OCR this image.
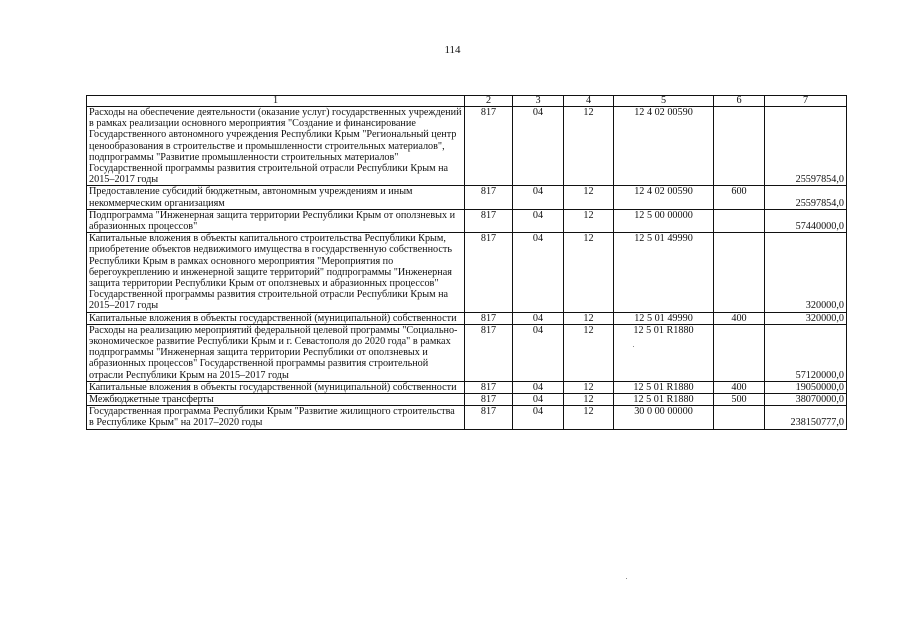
114
1	2	3	4	5	6	7
Расходы на обеспечение деятельности (оказание услуг) государственных учреждений в рамках реализации основного мероприятия "Создание и финансирование Государственного автономного учреждения Республики Крым "Региональный центр ценообразования в строительстве и промышленности строительных материалов", подпрограммы "Развитие промышленности строительных материалов" Государственной программы развития строительной отрасли Республики Крым на 2015–2017 годы	817	04	12	12 4 02 00590		25597854,0
Предоставление субсидий бюджетным, автономным учреждениям и иным некоммерческим организациям	817	04	12	12 4 02 00590	600	25597854,0
Подпрограмма "Инженерная защита территории Республики Крым от оползневых и абразионных процессов"	817	04	12	12 5 00 00000		57440000,0
Капитальные вложения в объекты капитального строительства Республики Крым, приобретение объектов недвижимого имущества в государственную собственность Республики Крым в рамках основного мероприятия "Мероприятия по берегоукреплению и инженерной защите территорий" подпрограммы "Инженерная защита территории Республики Крым от оползневых и абразионных процессов" Государственной программы развития строительной отрасли Республики Крым на 2015–2017 годы	817	04	12	12 5 01 49990		320000,0
Капитальные вложения в объекты государственной (муниципальной) собственности	817	04	12	12 5 01 49990	400	320000,0
Расходы на реализацию мероприятий федеральной целевой программы "Социально-экономическое развитие Республики Крым и г. Севастополя до 2020 года" в рамках подпрограммы "Инженерная защита территории Республики от оползневых и абразионных процессов" Государственной программы развития строительной отрасли Республики Крым на 2015–2017 годы	817	04	12	12 5 01 R1880		57120000,0
Капитальные вложения в объекты государственной (муниципальной) собственности	817	04	12	12 5 01 R1880	400	19050000,0
Межбюджетные трансферты	817	04	12	12 5 01 R1880	500	38070000,0
Государственная программа Республики Крым "Развитие жилищного строительства в Республике Крым" на 2017–2020 годы	817	04	12	30 0 00 00000		238150777,0
